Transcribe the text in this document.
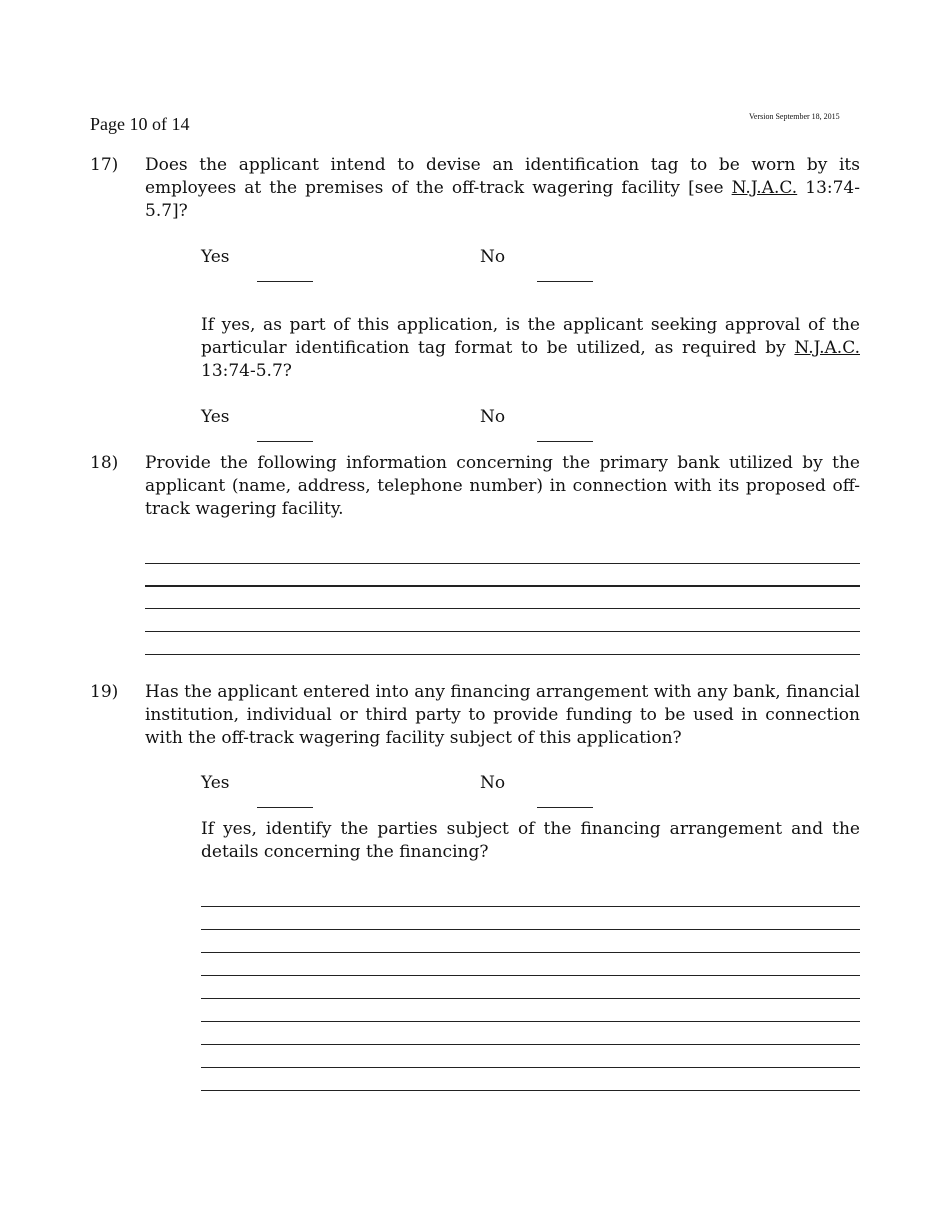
Page 10 of 14	Version September 18, 2015
17) Does the applicant intend to devise an identification tag to be worn by its employees at the premises of the off-track wagering facility [see N.J.A.C. 13:74-5.7]?
Yes	No
If yes, as part of this application, is the applicant seeking approval of the particular identification tag format to be utilized, as required by N.J.A.C. 13:74-5.7?
Yes	No
18) Provide the following information concerning the primary bank utilized by the applicant (name, address, telephone number) in connection with its proposed off-track wagering facility.
19) Has the applicant entered into any financing arrangement with any bank, financial institution, individual or third party to provide funding to be used in connection with the off-track wagering facility subject of this application?
Yes	No
If yes, identify the parties subject of the financing arrangement and the details concerning the financing?
